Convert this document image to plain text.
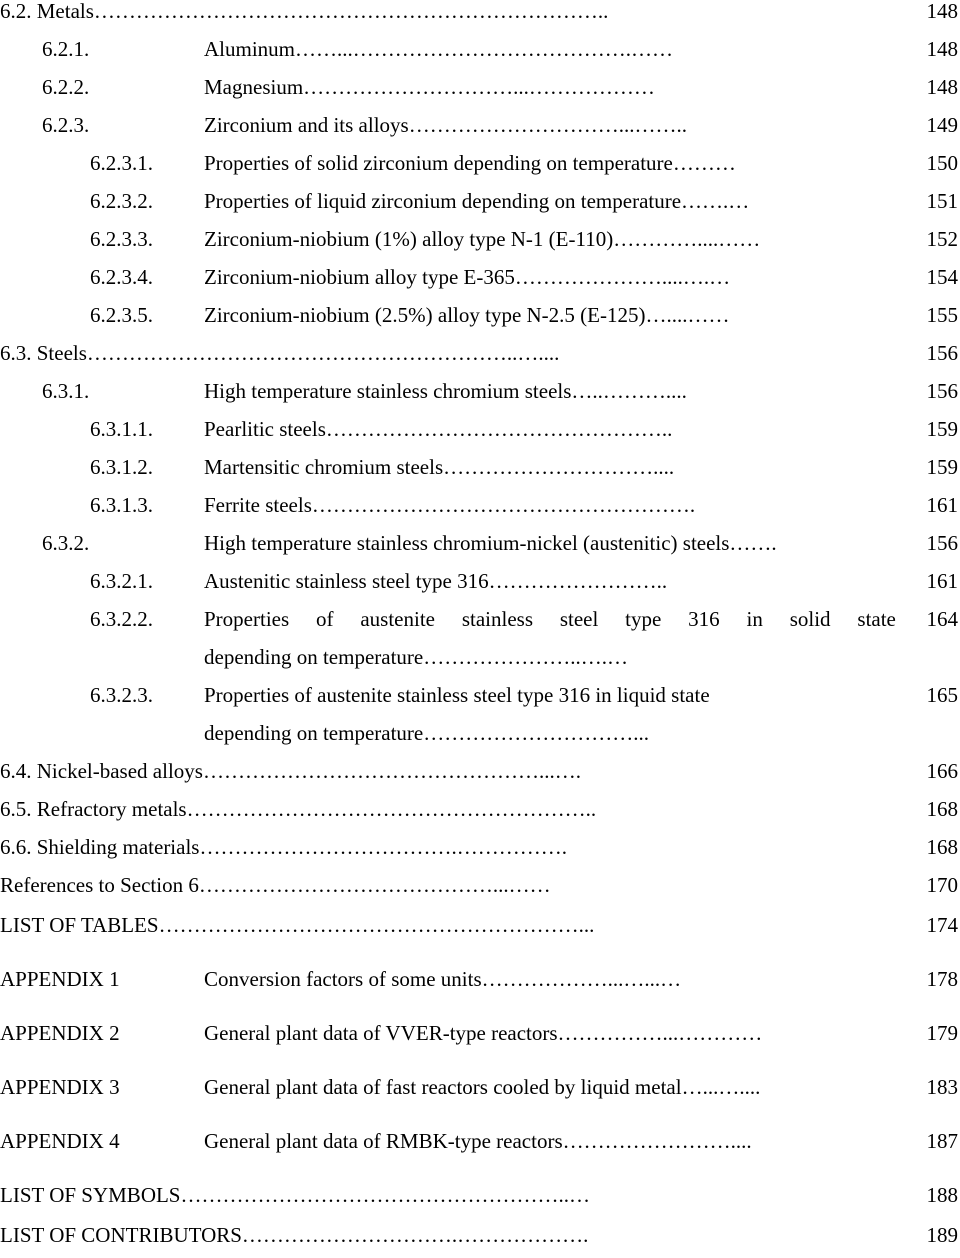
6.2. Metals………………………………………………………………..	148
6.2.1.	Aluminum……...………………………………….……	148
6.2.2.	Magnesium…………………………...………………	148
6.2.3.	Zirconium and its alloys…………………………...……..	149
6.2.3.1. Properties of solid zirconium depending on temperature………	150
6.2.3.2. Properties of liquid zirconium depending on temperature…….…	151
6.2.3.3. Zirconium-niobium (1%) alloy type N-1 (E-110)…………....……	152
6.2.3.4. Zirconium-niobium alloy type E-365…………………....….…	154
6.2.3.5. Zirconium-niobium (2.5%) alloy type N-2.5 (E-125)…....……	155
6.3. Steels……………………………………………………..…....	156
6.3.1.	High temperature stainless chromium steels…..………....	156
6.3.1.1. Pearlitic steels…………………………………………..	159
6.3.1.2. Martensitic chromium steels…………………………....	159
6.3.1.3. Ferrite steels……………………………………………….	161
6.3.2.	High temperature stainless chromium-nickel (austenitic) steels…….	156
6.3.2.1. Austenitic stainless steel type 316……………………..	161
6.3.2.2. Properties of austenite stainless steel type 316 in solid state 164
depending on temperature…………………..….…
6.3.2.3. Properties of austenite stainless steel type 316 in liquid state	165
depending on temperature…………………………...
6.4. Nickel-based alloys…………………………………………...….	166
6.5. Refractory metals…………………………………………………..	168
6.6. Shielding materials……………………………….…………….	168
References to Section 6……………………………………...……	170
LIST OF TABLES……………………………………………………...	174
APPENDIX 1	Conversion factors of some units………………...…...…	178
APPENDIX 2	General plant data of VVER-type reactors……………...…………	179
APPENDIX 3	General plant data of fast reactors cooled by liquid metal…...…....	183
APPENDIX 4	General plant data of RMBK-type reactors……………………....	187
LIST OF SYMBOLS………………………………………………..…	188
LIST OF CONTRIBUTORS………………………….……………….	189
